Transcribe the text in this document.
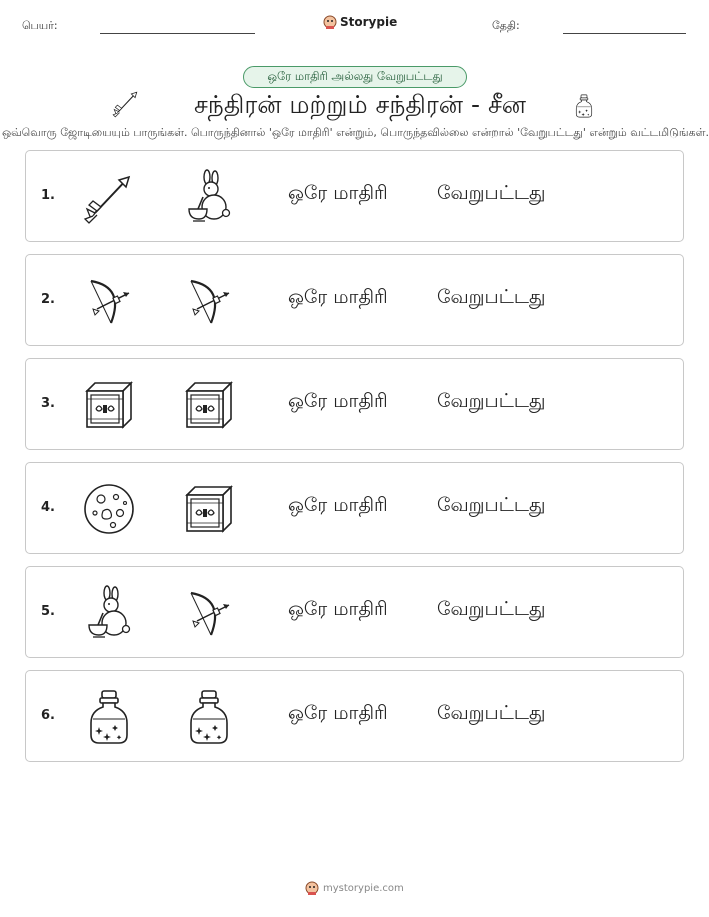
பெயர்:	Storypie	தேதி:
ஒரே மாதிரி அல்லது வேறுபட்டது
சந்திரன் மற்றும் சந்திரன் - சீன
ஒவ்வொரு ஜோடியையும் பாருங்கள். பொருந்தினால் 'ஒரே மாதிரி' என்றும், பொருந்தவில்லை என்றால் 'வேறுபட்டது' என்றும் வட்டமிடுங்கள்.
1.	ஒரே மாதிரி	வேறுபட்டது
2.	ஒரே மாதிரி	வேறுபட்டது
3.	ஒரே மாதிரி	வேறுபட்டது
4.	ஒரே மாதிரி	வேறுபட்டது
5.	ஒரே மாதிரி	வேறுபட்டது
6.	ஒரே மாதிரி	வேறுபட்டது
mystorypie.com
